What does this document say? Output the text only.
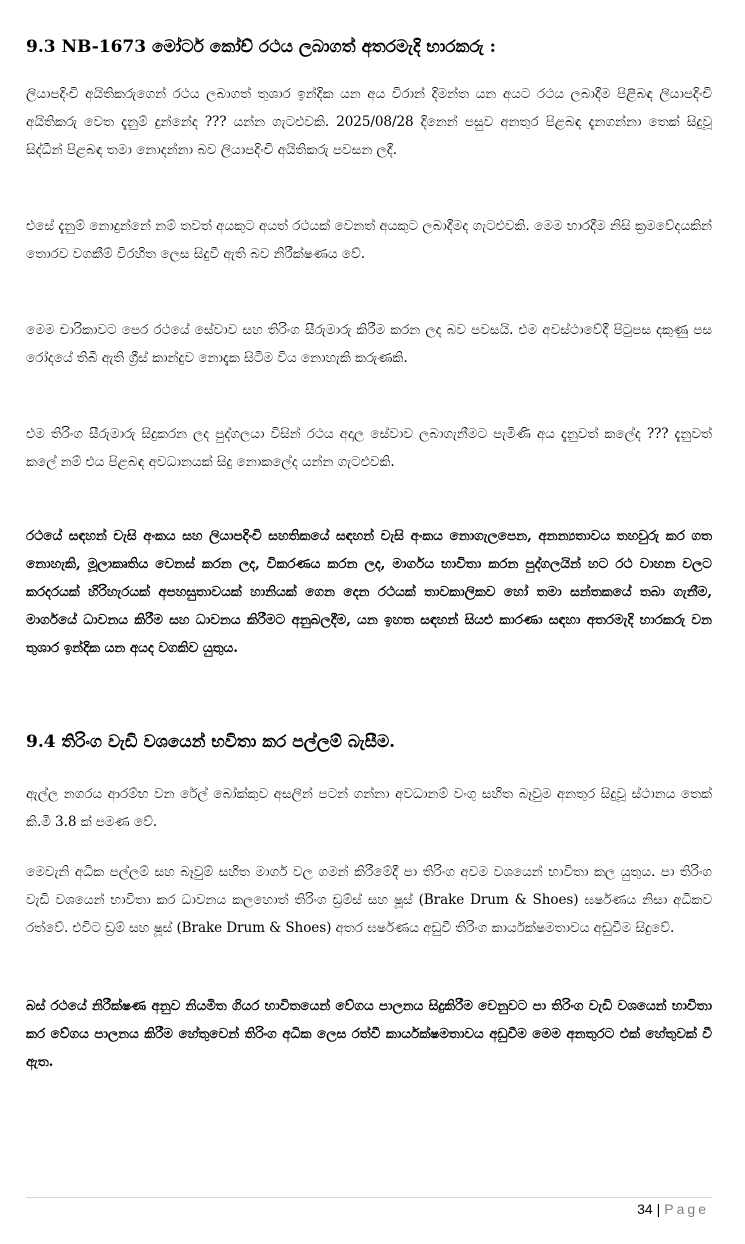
9.3 NB-1673 මෝටර් කෝච් රථය ලබාගත් අතරමැදි භාරකරු :

ලියාපදිංචි අයිතිකරුගෙන් රථය ලබාගත් තුශාර ඉන්දික යන අය විරාන් දිමන්ත යන අයට රථය ලබාදීම පිළිබඳ ලියාපදිංචි අයිතිකරු වෙත දැනුම් දුන්නේද ??? යන්න ගැටළුවකි. 2025/08/28 දිනෙන් පසුව අනතුර පිළබඳ දැනගන්නා තෙක් සිදුවූ සිද්ධීන් පිළබඳ තමා නොදන්නා බව ලියාපදිංචි අයිතිකරු පවසන ලදී.

එසේ දැනුම් නොදුන්නේ නම් තවත් අයකුට අයත් රථයක් වෙනත් අයකුට ලබාදීමද ගැටළුවකි. මෙම භාරදීම නිසි ක්‍රමවේදයකින් තොරව වගකීම් විරහිත ලෙස සිදුවී ඇති බව නිරීක්ෂණය වේ.

මෙම චාරිකාවට පෙර රථයේ සේවාව සහ තිරිංග සීරුමාරු කිරීම කරන ලද බව පවසයි. එම අවස්ථාවේදී පිටුපස දකුණු පස රෝදයේ තිබී ඇති ග්‍රීස් කාන්දුව නොදැක සිටීම විය නොහැකි කරුණකි.

එම තිරිංග සීරුමාරු සිදුකරන ලද පුද්ගලයා විසින් රථය අදාල සේවාව ලබාගැනීමට පැමිණි අය දැනුවත් කලේද ??? දැනුවත් කලේ නම් එය පිළබඳ අවධානයක් සිදු නොකලේද යන්න ගැටළුවකි.

රථයේ සඳහන් චැසි අංකය සහ ලියාපදිංචි සහතිකයේ සඳහන් චැසි අංකය නොගැලපෙන, අනන්‍යතාවය තහවුරු කර ගත නොහැකි, මූලාකෘතිය වෙනස් කරන ලද, විකරණය කරන ලද, මාර්ගය භාවිතා කරන පුද්ගලයින් හට රථ වාහන වලට කරදරයක් හිරිහැරයක් අපහසුතාවයක් හානියක් ගෙන දෙන රථයක් තාවකාලිකව හෝ තමා සන්තකයේ තබා ගැනීම, මාර්ගයේ ධාවනය කිරීම සහ ධාවනය කිරීමට අනුබලදීම, යන ඉහත සඳහන් සියළු කාරණා සඳහා අතරමැදි භාරකරු වන තුශාර ඉන්දික යන අයද වගකිව යුතුය.

9.4 තිරිංග වැඩි වශයෙන් භවිතා කර පල්ලම් බැසීම.

ඇල්ල නගරය ආරම්භ වන රේල් බෝක්කුව අසලින් පටන් ගන්නා අවධානම් වංගු සහිත බෑවුම අනතුර සිදුවූ ස්ථානය තෙක් කි.මී 3.8 ක් පමණ වේ.

මෙවැනි අධික පල්ලම් සහ බෑවුම් සහිත මාර්ග වල ගමන් කිරීමේදී පා තිරිංග අවම වශයෙන් භාවිතා කල යුතුය. පා තිරිංග වැඩි වශයෙන් භාවිතා කර ධාවනය කලහොත් තිරිංග ඩ්‍රම්ස් සහ ෂූස් (Brake Drum & Shoes) ඝර්ෂණය නිසා අධිකව රත්වේ. එවිට ඩ්‍රම් සහ ෂූස් (Brake Drum & Shoes) අතර ඝර්ෂණය අඩුවී තිරිංග කාර්යක්ෂමතාවය අඩුවීම සිදුවේ.

බස් රථයේ නිරීක්ෂණ අනුව නියමිත ගියර භාවිතයෙන් වේගය පාලනය සිදුකිරීම වෙනුවට පා තිරිංග වැඩි වශයෙන් භාවිතා කර වේගය පාලනය කිරීම හේතුවෙන් තිරිංග අධික ලෙස රත්වී කාර්යක්ෂමතාවය අඩුවීම මෙම අනතුරට එක් හේතුවක් වී ඇත.

34 | Page
